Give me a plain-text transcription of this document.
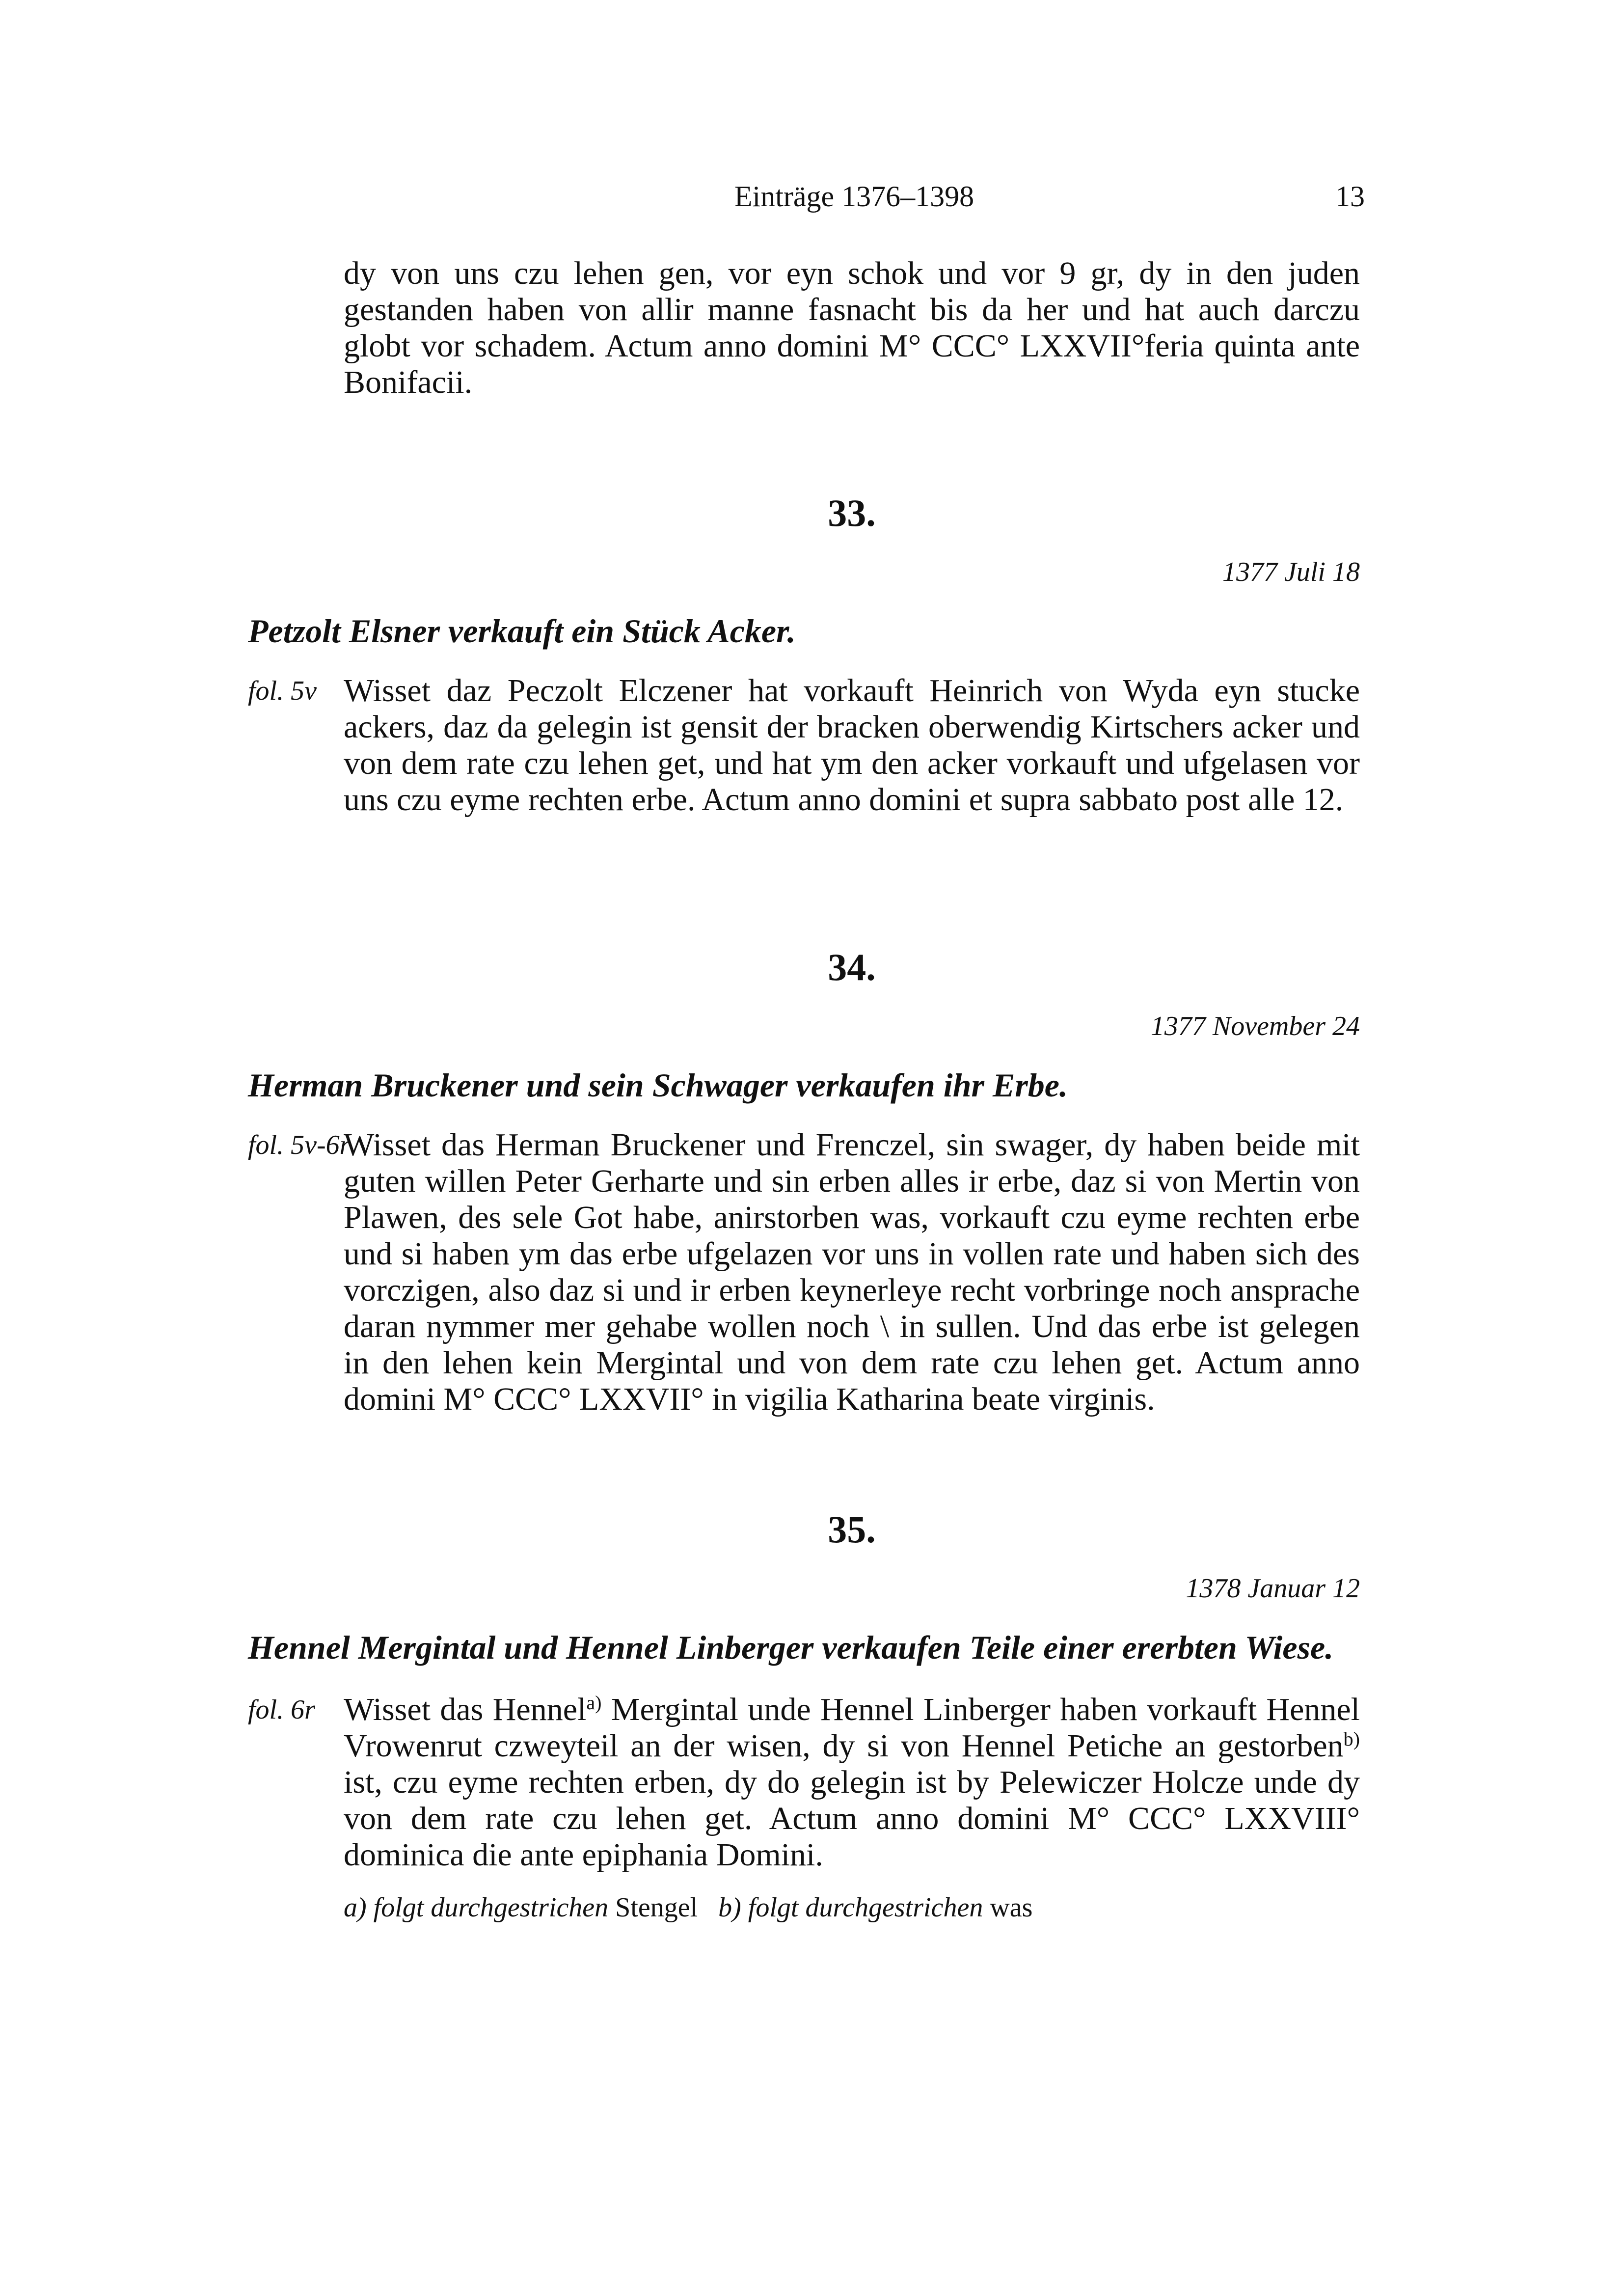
Einträge 1376–1398	13
dy von uns czu lehen gen, vor eyn schok und vor 9 gr, dy in den juden gestanden haben von allir manne fasnacht bis da her und hat auch darczu globt vor schadem. Actum anno domini M° CCC° LXXVII°feria quinta ante Bonifacii.
33.
1377 Juli 18
Petzolt Elsner verkauft ein Stück Acker.
fol. 5v Wisset daz Peczolt Elczener hat vorkauft Heinrich von Wyda eyn stucke ackers, daz da gelegin ist gensit der bracken oberwendig Kirtschers acker und von dem rate czu lehen get, und hat ym den acker vorkauft und ufgelasen vor uns czu eyme rechten erbe. Actum anno domini et supra sabbato post alle 12.
34.
1377 November 24
Herman Bruckener und sein Schwager verkaufen ihr Erbe.
fol. 5v-6r
Wisset das Herman Bruckener und Frenczel, sin swager, dy haben beide mit guten willen Peter Gerharte und sin erben alles ir erbe, daz si von Mertin von Plawen, des sele Got habe, anirstorben was, vorkauft czu eyme rechten erbe und si haben ym das erbe ufgelazen vor uns in vollen rate und haben sich des vorczigen, also daz si und ir erben keynerleye recht vorbringe noch ansprache daran nymmer mer gehabe wollen noch \ in sullen. Und das erbe ist gelegen in den lehen kein Mergintal und von dem rate czu lehen get. Actum anno domini M° CCC° LXXVII° in vigilia Katharina beate virginis.
35.
1378 Januar 12
Hennel Mergintal und Hennel Linberger verkaufen Teile einer ererbten Wiese.
fol. 6r Wisset das Hennel$^{a)}$ Mergintal unde Hennel Linberger haben vorkauft Hennel Vrowenrut czweyteil an der wisen, dy si von Hennel Petiche an gestorben$^{b)}$ ist, czu eyme rechten erben, dy do gelegin ist by Pelewiczer Holcze unde dy von dem rate czu lehen get. Actum anno domini M° CCC° LXXVIII° dominica die ante epiphania Domini.
a) folgt durchgestrichen Stengel b) folgt durchgestrichen was
